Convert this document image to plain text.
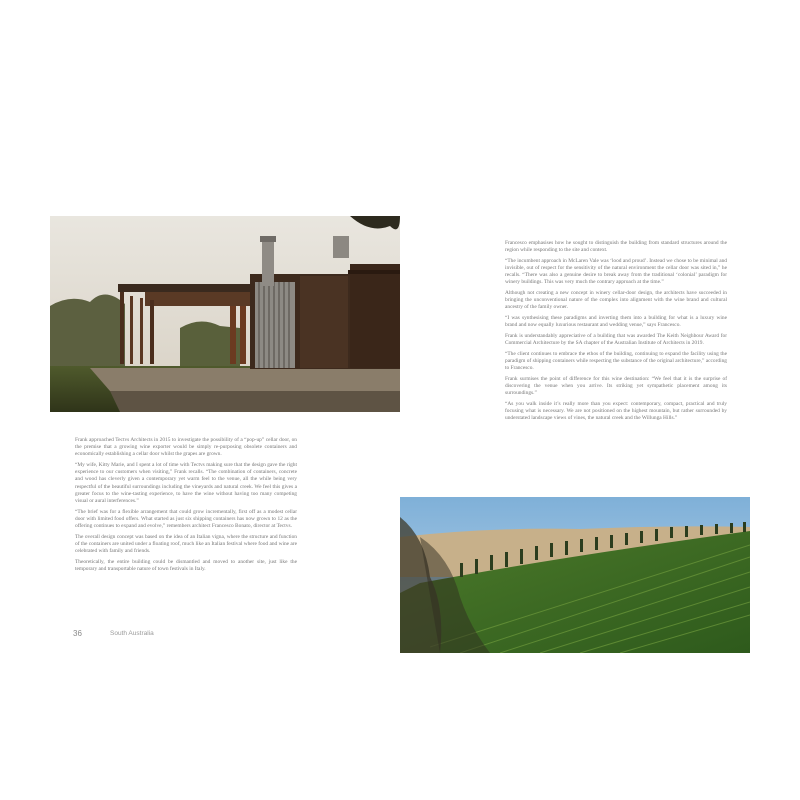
Frank approached Tectvs Architects in 2015 to investigate the possibility of a “pop-up” cellar door, on the premise that a growing wine exporter would be simply re-purposing obsolete containers and economically establishing a cellar door whilst the grapes are grown.

“My wife, Kitty Marie, and I spent a lot of time with Tectvs making sure that the design gave the right experience to our customers when visiting,” Frank recalls. “The combination of containers, concrete and wood has cleverly given a contemporary yet warm feel to the venue, all the while being very respectful of the beautiful surroundings including the vineyards and natural creek. We feel this gives a greater focus to the wine-tasting experience, to have the wine without having too many competing visual or aural interferences.”

“The brief was for a flexible arrangement that could grow incrementally, first off as a modest cellar door with limited food offers. What started as just six shipping containers has now grown to 12 as the offering continues to expand and evolve,” remembers architect Francesco Bonato, director at Tectvs.

The overall design concept was based on the idea of an Italian vigna, where the structure and function of the containers are united under a floating roof, much like an Italian festival where food and wine are celebrated with family and friends.

Theoretically, the entire building could be dismantled and moved to another site, just like the temporary and transportable nature of town festivals in Italy.

Francesco emphasises how he sought to distinguish the building from standard structures around the region while responding to the site and context.

“The incumbent approach in McLaren Vale was ‘lood and proud’. Instead we chose to be minimal and invisible, out of respect for the sensitivity of the natural environment the cellar door was sited in,” he recalls. “There was also a genuine desire to break away from the traditional ‘colonial’ paradigm for winery buildings. This was very much the contrary approach at the time.”

Although not creating a new concept in winery cellar-door design, the architects have succeeded in bringing the unconventional nature of the complex into alignment with the wine brand and cultural ancestry of the family owner.

“I was synthesising these paradigms and inverting them into a building for what is a luxury wine brand and now equally luxurious restaurant and wedding venue,” says Francesco.

Frank is understandably appreciative of a building that was awarded The Keith Neighbour Award for Commercial Architecture by the SA chapter of the Australian Institute of Architects in 2019.

“The client continues to embrace the ethos of the building, continuing to expand the facility using the paradigm of shipping containers while respecting the substance of the original architecture,” according to Francesco.

Frank surmises the point of difference for this wine destination: “We feel that it is the surprise of discovering the venue when you arrive. Its striking yet sympathetic placement among its surroundings.”

“As you walk inside it’s really more than you expect: contemporary, compact, practical and truly focusing what is necessary. We are not positioned on the highest mountain, but rather surrounded by understated landscape views of vines, the natural creek and the Willunga Hills.”

36	South Australia
